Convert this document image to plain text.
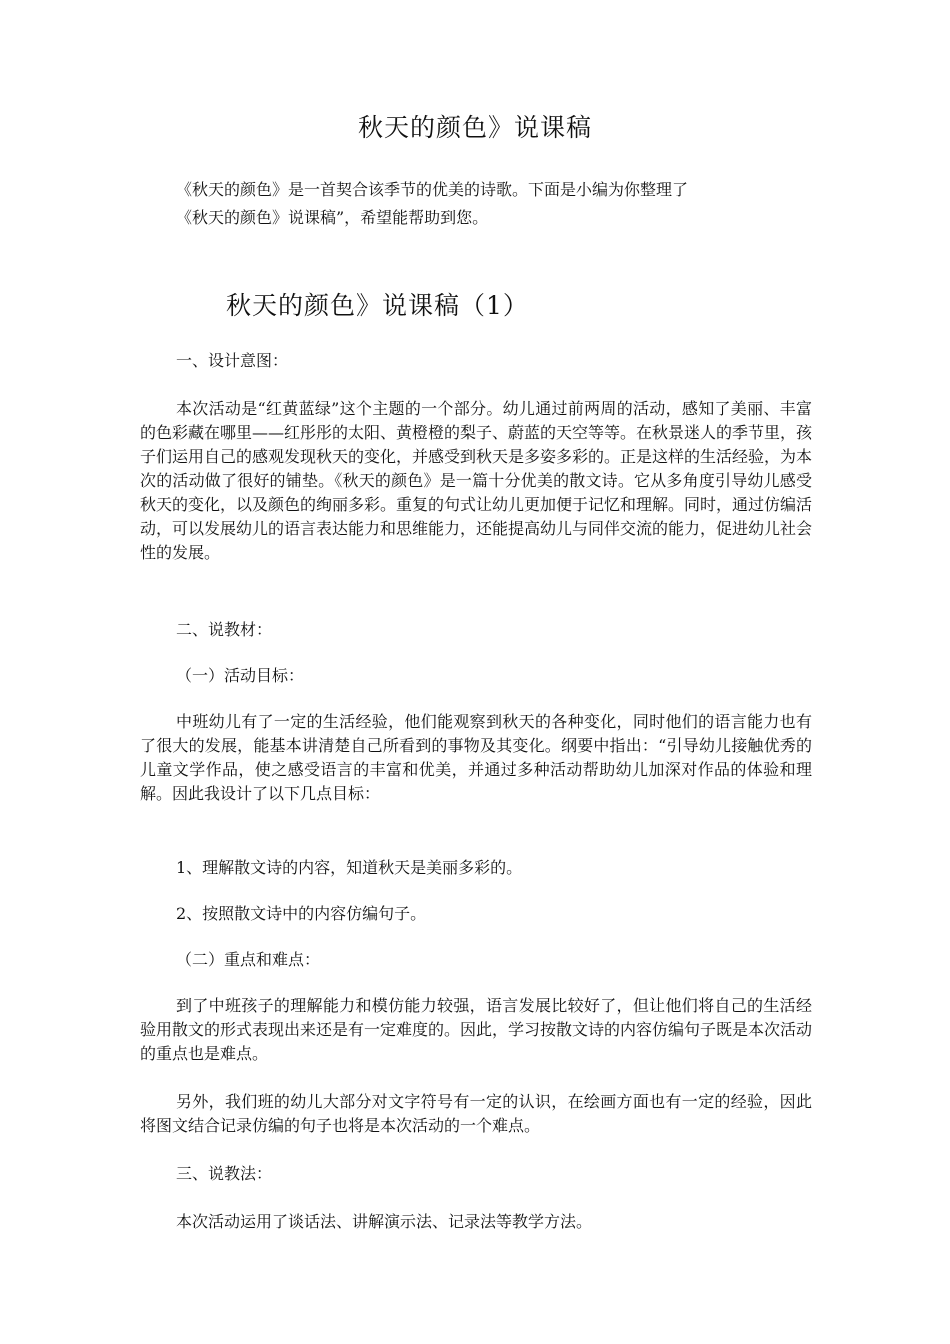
秋天的颜色》说课稿

《秋天的颜色》是一首契合该季节的优美的诗歌。下面是小编为你整理了

《秋天的颜色》说课稿”，希望能帮助到您。

秋天的颜色》说课稿（1）

一、设计意图：

本次活动是“红黄蓝绿”这个主题的一个部分。幼儿通过前两周的活动，感知了美丽、丰富的色彩藏在哪里——红彤彤的太阳、黄橙橙的梨子、蔚蓝的天空等等。在秋景迷人的季节里，孩子们运用自己的感观发现秋天的变化，并感受到秋天是多姿多彩的。正是这样的生活经验，为本次的活动做了很好的铺垫。《秋天的颜色》是一篇十分优美的散文诗。它从多角度引导幼儿感受秋天的变化，以及颜色的绚丽多彩。重复的句式让幼儿更加便于记忆和理解。同时，通过仿编活动，可以发展幼儿的语言表达能力和思维能力，还能提高幼儿与同伴交流的能力，促进幼儿社会性的发展。

二、说教材：

（一）活动目标：

中班幼儿有了一定的生活经验，他们能观察到秋天的各种变化，同时他们的语言能力也有了很大的发展，能基本讲清楚自己所看到的事物及其变化。纲要中指出：“引导幼儿接触优秀的儿童文学作品，使之感受语言的丰富和优美，并通过多种活动帮助幼儿加深对作品的体验和理解。因此我设计了以下几点目标：

1、理解散文诗的内容，知道秋天是美丽多彩的。

2、按照散文诗中的内容仿编句子。

（二）重点和难点：

到了中班孩子的理解能力和模仿能力较强，语言发展比较好了，但让他们将自己的生活经验用散文的形式表现出来还是有一定难度的。因此，学习按散文诗的内容仿编句子既是本次活动的重点也是难点。

另外，我们班的幼儿大部分对文字符号有一定的认识，在绘画方面也有一定的经验，因此将图文结合记录仿编的句子也将是本次活动的一个难点。

三、说教法：

本次活动运用了谈话法、讲解演示法、记录法等教学方法。
